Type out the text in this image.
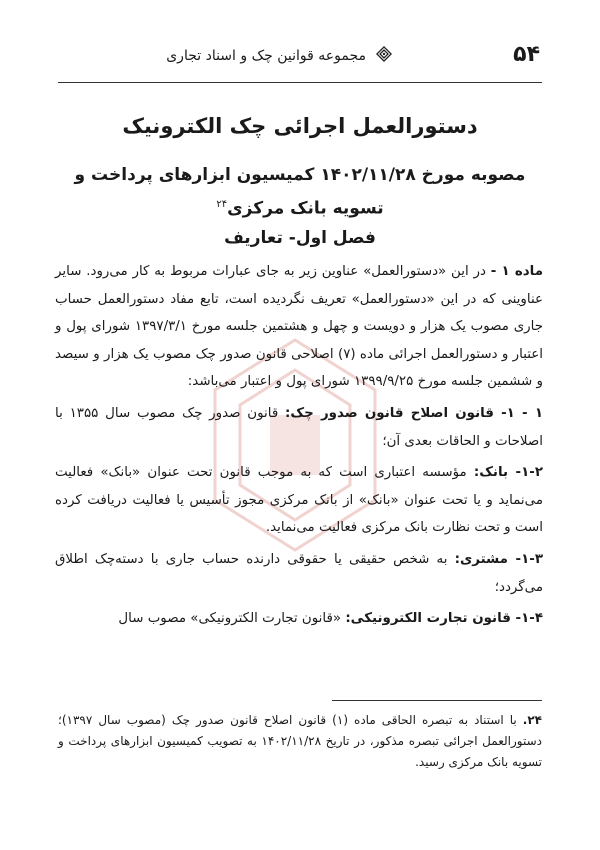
۵۴
مجموعه قوانین چک و اسناد تجاری
دستورالعمل اجرائی چک الکترونیک
مصوبه مورخ ۱۴۰۲/۱۱/۲۸ کمیسیون ابزارهای پرداخت و تسویه بانک مرکزی$^{۲۴}$
فصل اول- تعاریف

ماده ۱ - در این «دستورالعمل» عناوین زیر به جای عبارات مربوط به کار می‌رود. سایر عناوینی که در این «دستورالعمل» تعریف نگردیده است، تابع مفاد دستورالعمل حساب جاری مصوب یک هزار و دویست و چهل و هشتمین جلسه مورخ ۱۳۹۷/۳/۱ شورای پول و اعتبار و دستورالعمل اجرائی ماده (۷) اصلاحی قانون صدور چک مصوب یک هزار و سیصد و ششمین جلسه مورخ ۱۳۹۹/۹/۲۵ شورای پول و اعتبار می‌باشد:

۱ - ۱- قانون اصلاح قانون صدور چک: قانون صدور چک مصوب سال ۱۳۵۵ با اصلاحات و الحاقات بعدی آن؛

۱-۲- بانک: مؤسسه اعتباری است که به موجب قانون تحت عنوان «بانک» فعالیت می‌نماید و یا تحت عنوان «بانک» از بانک مرکزی مجوز تأسیس یا فعالیت دریافت کرده است و تحت نظارت بانک مرکزی فعالیت می‌نماید.

۱-۳- مشتری: به شخص حقیقی یا حقوقی دارنده حساب جاری با دسته‌چک اطلاق می‌گردد؛

۱-۴- قانون تجارت الکترونیکی: «قانون تجارت الکترونیکی» مصوب سال

۲۴. با استناد به تبصره الحاقی ماده (۱) قانون اصلاح قانون صدور چک (مصوب سال ۱۳۹۷)؛ دستورالعمل اجرائی تبصره مذکور، در تاریخ ۱۴۰۲/۱۱/۲۸ به تصویب کمیسیون ابزارهای پرداخت و تسویه بانک مرکزی رسید.
